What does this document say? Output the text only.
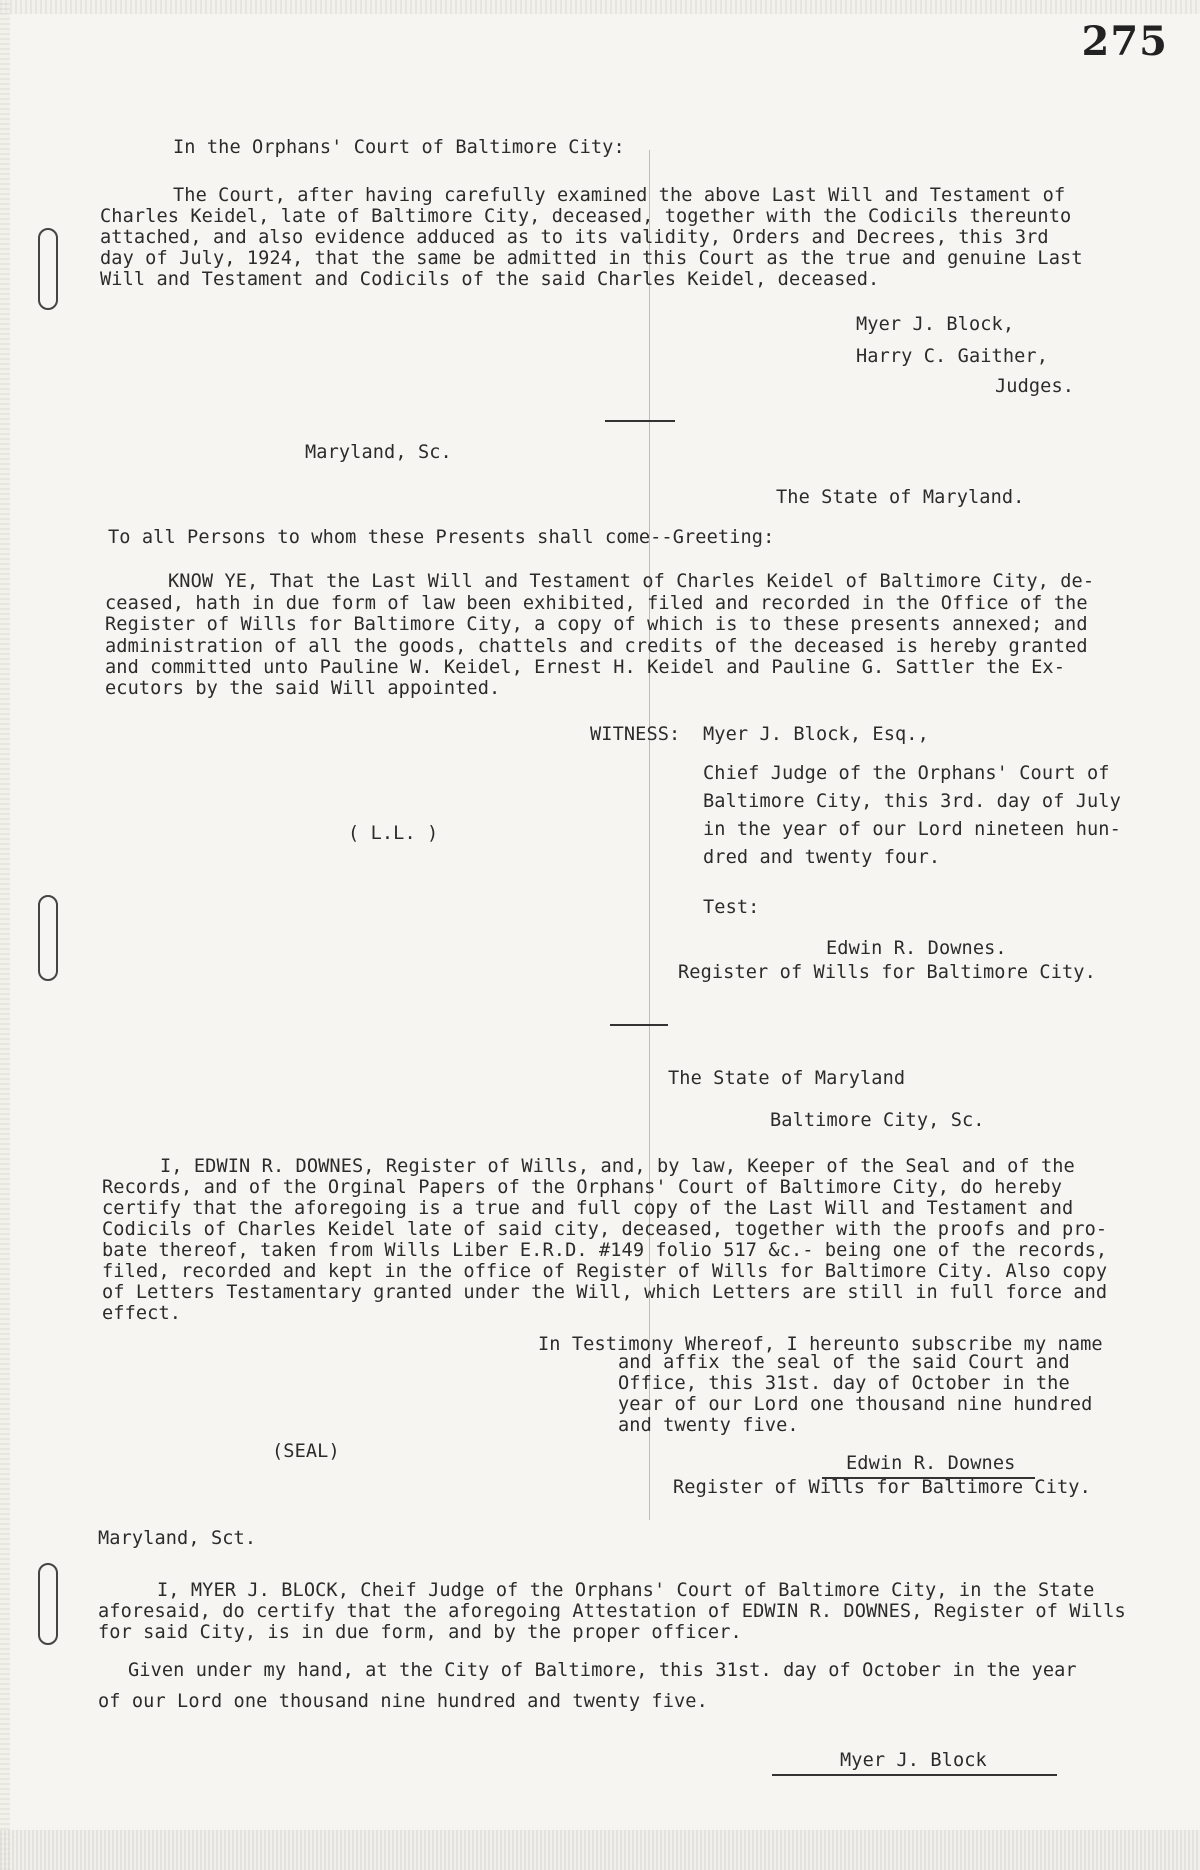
275
In the Orphans' Court of Baltimore City:
The Court, after having carefully examined the above Last Will and Testament of
Charles Keidel, late of Baltimore City, deceased, together with the Codicils thereunto
attached, and also evidence adduced as to its validity, Orders and Decrees, this 3rd
day of July, 1924, that the same be admitted in this Court as the true and genuine Last
Will and Testament and Codicils of the said Charles Keidel, deceased.
Myer J. Block,
Harry C. Gaither,
Judges.
Maryland, Sc.
The State of Maryland.
To all Persons to whom these Presents shall come--Greeting:
KNOW YE, That the Last Will and Testament of Charles Keidel of Baltimore City, de-
ceased, hath in due form of law been exhibited, filed and recorded in the Office of the
Register of Wills for Baltimore City, a copy of which is to these presents annexed; and
administration of all the goods, chattels and credits of the deceased is hereby granted
and committed unto Pauline W. Keidel, Ernest H. Keidel and Pauline G. Sattler the Ex-
ecutors by the said Will appointed.
WITNESS: Myer J. Block, Esq.,
Chief Judge of the Orphans' Court of
Baltimore City, this 3rd. day of July
in the year of our Lord nineteen hun-
dred and twenty four.
( L.L. )
Test:
Edwin R. Downes.
Register of Wills for Baltimore City.
The State of Maryland
Baltimore City, Sc.
I, EDWIN R. DOWNES, Register of Wills, and, by law, Keeper of the Seal and of the
Records, and of the Orginal Papers of the Orphans' Court of Baltimore City, do hereby
certify that the aforegoing is a true and full copy of the Last Will and Testament and
Codicils of Charles Keidel late of said city, deceased, together with the proofs and pro-
bate thereof, taken from Wills Liber E.R.D. #149 folio 517 &c.- being one of the records,
filed, recorded and kept in the office of Register of Wills for Baltimore City. Also copy
of Letters Testamentary granted under the Will, which Letters are still in full force and
effect.
In Testimony Whereof, I hereunto subscribe my name
and affix the seal of the said Court and
Office, this 31st. day of October in the
year of our Lord one thousand nine hundred
and twenty five.
(SEAL)
Edwin R. Downes
Register of Wills for Baltimore City.
Maryland, Sct.
I, MYER J. BLOCK, Cheif Judge of the Orphans' Court of Baltimore City, in the State
aforesaid, do certify that the aforegoing Attestation of EDWIN R. DOWNES, Register of Wills
for said City, is in due form, and by the proper officer.
Given under my hand, at the City of Baltimore, this 31st. day of October in the year
of our Lord one thousand nine hundred and twenty five.
Myer J. Block
